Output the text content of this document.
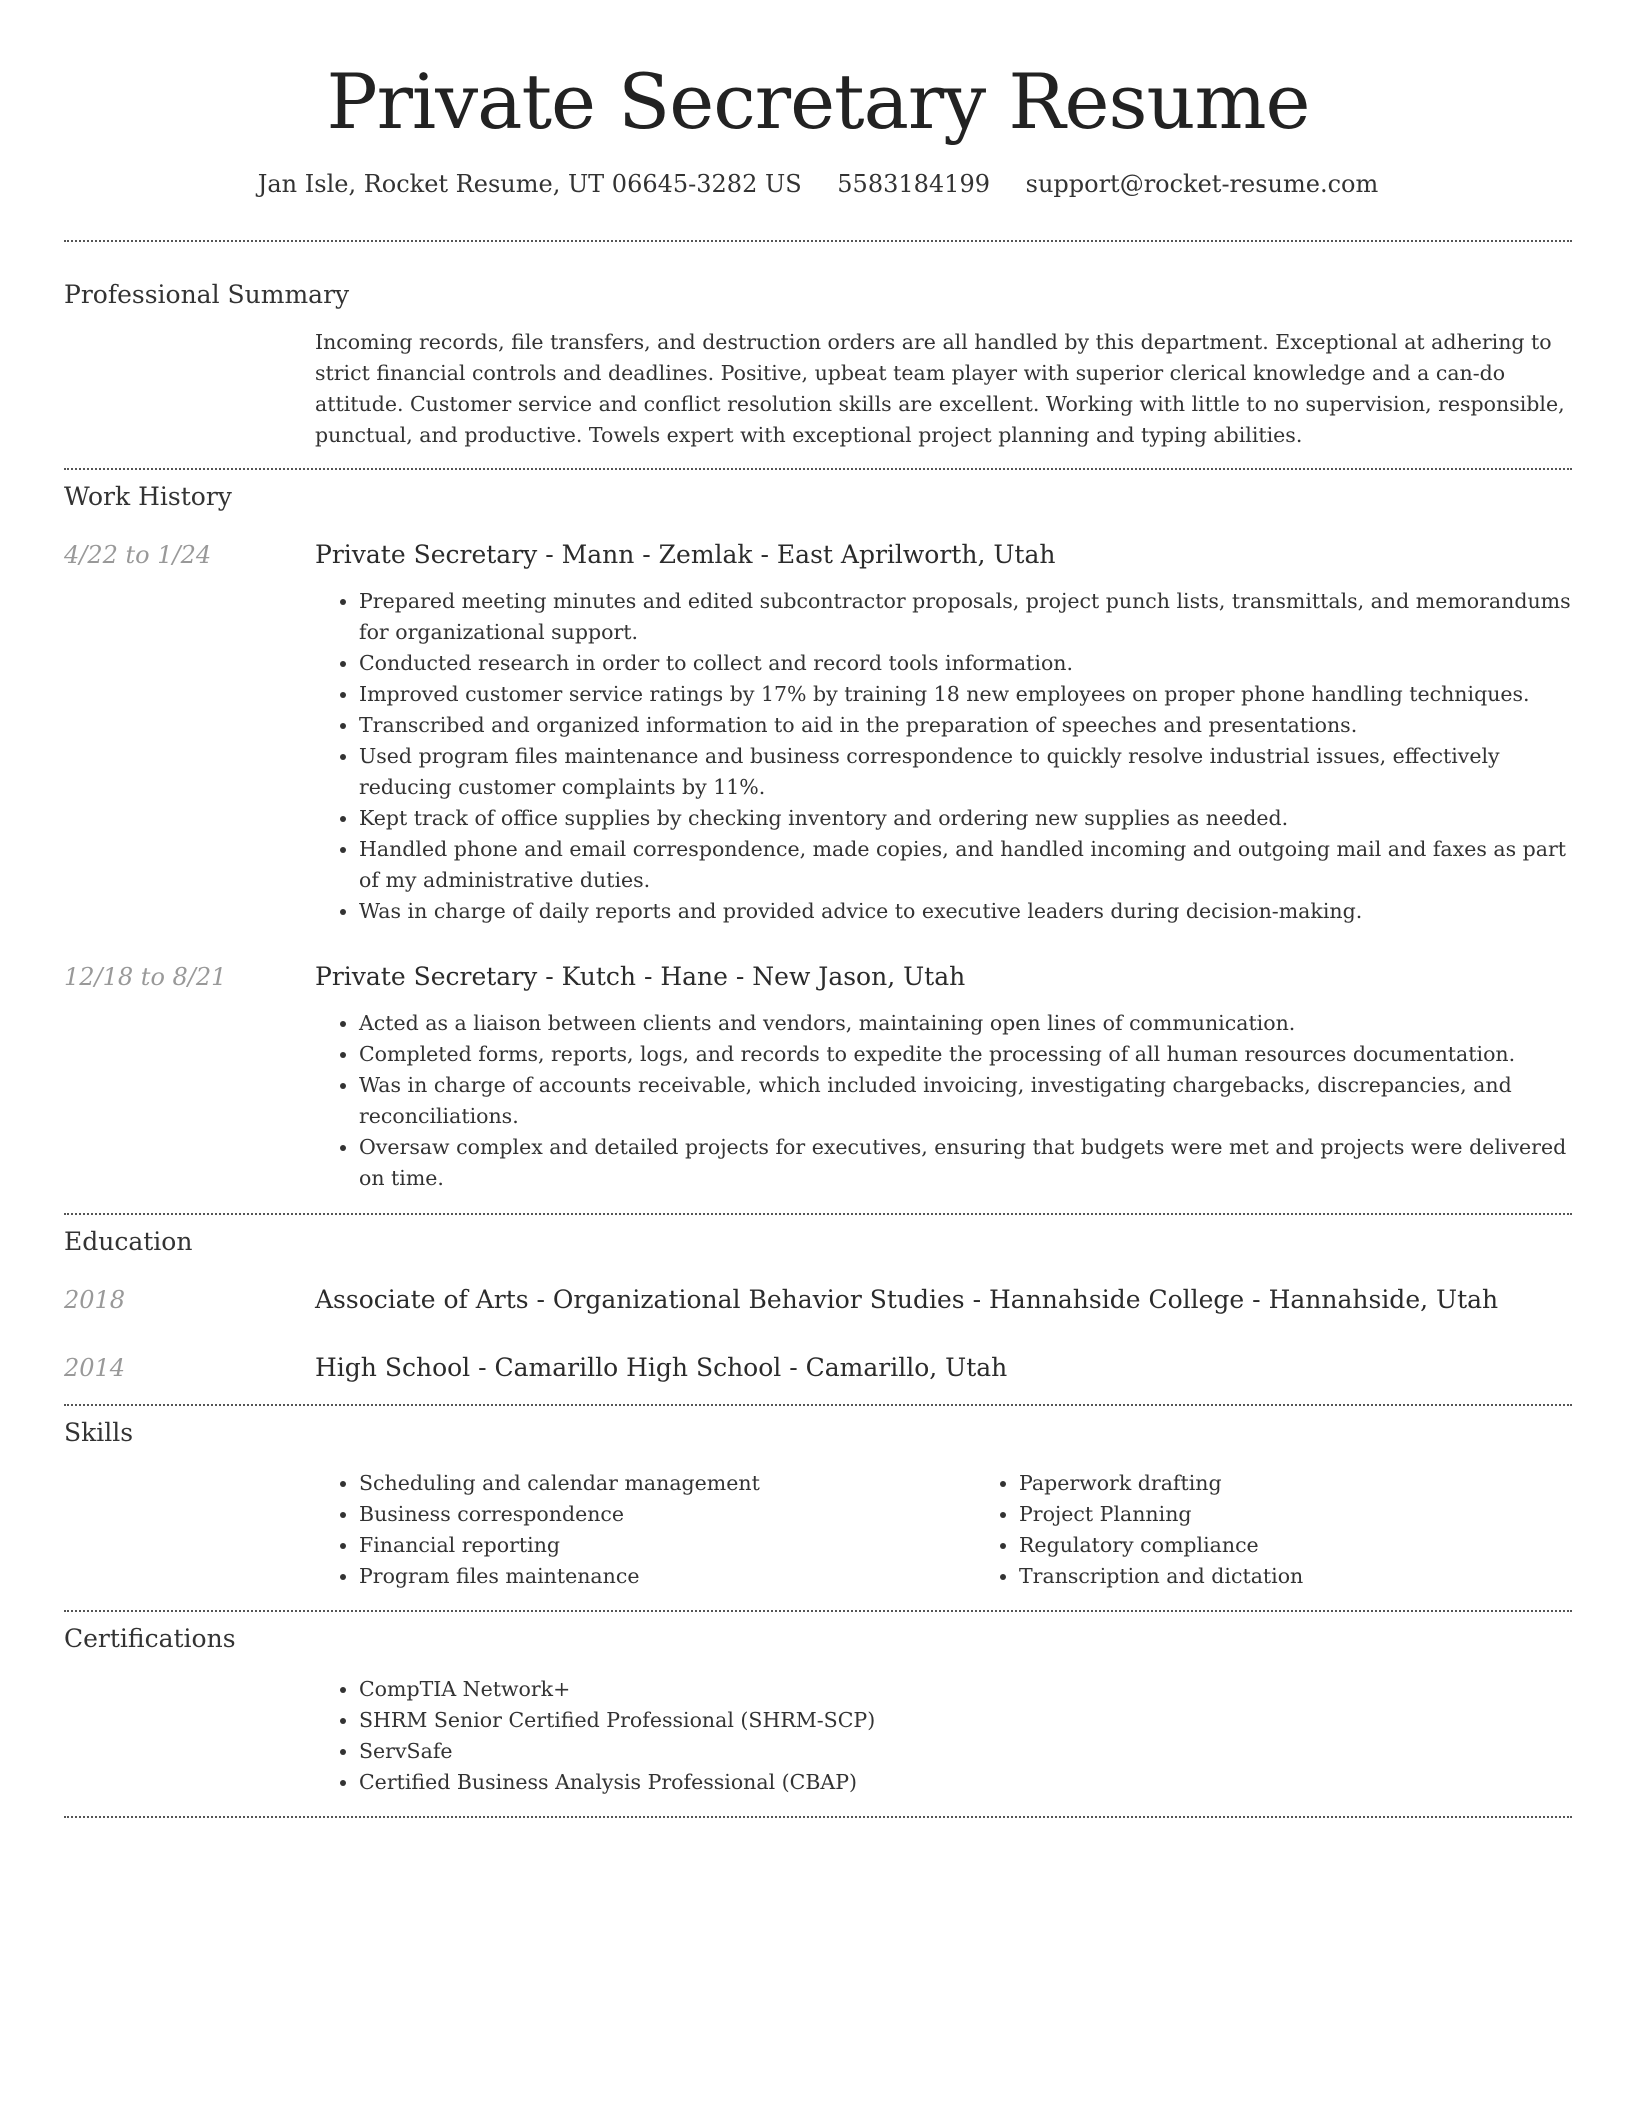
Private Secretary Resume
Jan Isle, Rocket Resume, UT 06645-3282 US 5583184199 support@rocket-resume.com
Professional Summary

Incoming records, file transfers, and destruction orders are all handled by this department. Exceptional at adhering to strict financial controls and deadlines. Positive, upbeat team player with superior clerical knowledge and a can-do attitude. Customer service and conflict resolution skills are excellent. Working with little to no supervision, responsible, punctual, and productive. Towels expert with exceptional project planning and typing abilities.

Work History
4/22 to 1/24	Private Secretary - Mann - Zemlak - East Aprilworth, Utah
• Prepared meeting minutes and edited subcontractor proposals, project punch lists, transmittals, and memorandums for organizational support.
• Conducted research in order to collect and record tools information.
• Improved customer service ratings by 17% by training 18 new employees on proper phone handling techniques.
• Transcribed and organized information to aid in the preparation of speeches and presentations.
• Used program files maintenance and business correspondence to quickly resolve industrial issues, effectively reducing customer complaints by 11%.
• Kept track of office supplies by checking inventory and ordering new supplies as needed.
• Handled phone and email correspondence, made copies, and handled incoming and outgoing mail and faxes as part of my administrative duties.
• Was in charge of daily reports and provided advice to executive leaders during decision-making.
12/18 to 8/21	Private Secretary - Kutch - Hane - New Jason, Utah
• Acted as a liaison between clients and vendors, maintaining open lines of communication.
• Completed forms, reports, logs, and records to expedite the processing of all human resources documentation.
• Was in charge of accounts receivable, which included invoicing, investigating chargebacks, discrepancies, and reconciliations.
• Oversaw complex and detailed projects for executives, ensuring that budgets were met and projects were delivered on time.
Education
2018	Associate of Arts - Organizational Behavior Studies - Hannahside College - Hannahside, Utah
2014	High School - Camarillo High School - Camarillo, Utah
Skills
• Scheduling and calendar management
• Business correspondence
• Financial reporting
• Program files maintenance
• Paperwork drafting
• Project Planning
• Regulatory compliance
• Transcription and dictation
Certifications
• CompTIA Network+
• SHRM Senior Certified Professional (SHRM-SCP)
• ServSafe
• Certified Business Analysis Professional (CBAP)
